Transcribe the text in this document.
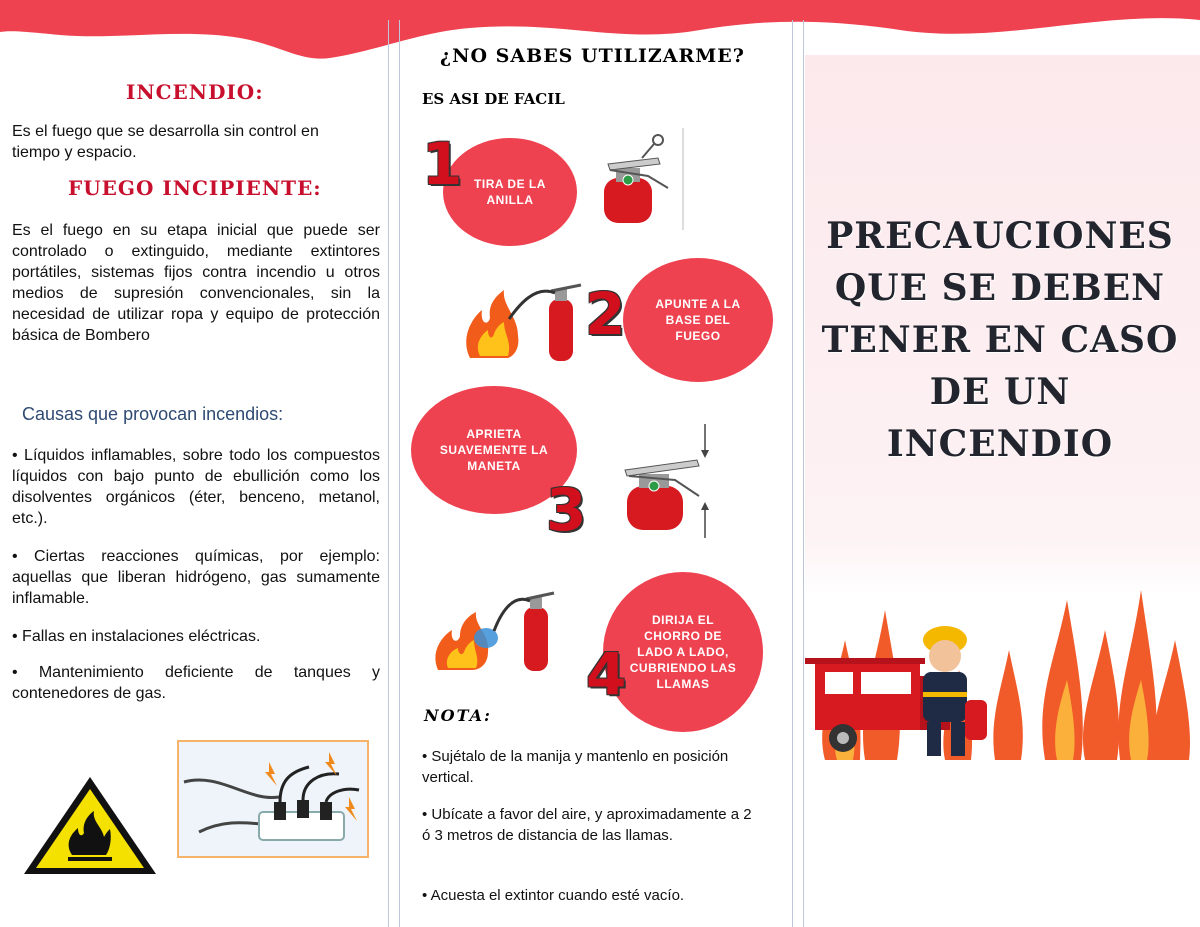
INCENDIO:
Es el fuego que se desarrolla sin control en tiempo y espacio.
FUEGO INCIPIENTE:
Es el fuego en su etapa inicial que puede ser controlado o extinguido, mediante extintores portátiles, sistemas fijos contra incendio u otros medios de supresión convencionales, sin la necesidad de utilizar ropa y equipo de protección básica de Bombero
Causas que provocan incendios:
• Líquidos inflamables, sobre todo los compuestos líquidos con bajo punto de ebullición como los disolventes orgánicos (éter, benceno, metanol, etc.).
• Ciertas reacciones químicas, por ejemplo: aquellas que liberan hidrógeno, gas sumamente inflamable.
• Fallas en instalaciones eléctricas.
• Mantenimiento deficiente de tanques y contenedores de gas.
¿NO SABES UTILIZARME?
ES ASI DE FACIL
TIRA DE LA ANILLA
1
APUNTE A LA BASE DEL FUEGO
2
APRIETA SUAVEMENTE LA MANETA
3
DIRIJA EL CHORRO DE LADO A LADO, CUBRIENDO LAS LLAMAS
4
NOTA:
• Sujétalo de la manija y mantenlo en posición vertical.
• Ubícate a favor del aire, y aproximadamente a 2 ó 3 metros de distancia de las llamas.
• Acuesta el extintor cuando esté vacío.
PRECAUCIONES QUE SE DEBEN TENER EN CASO DE UN INCENDIO
